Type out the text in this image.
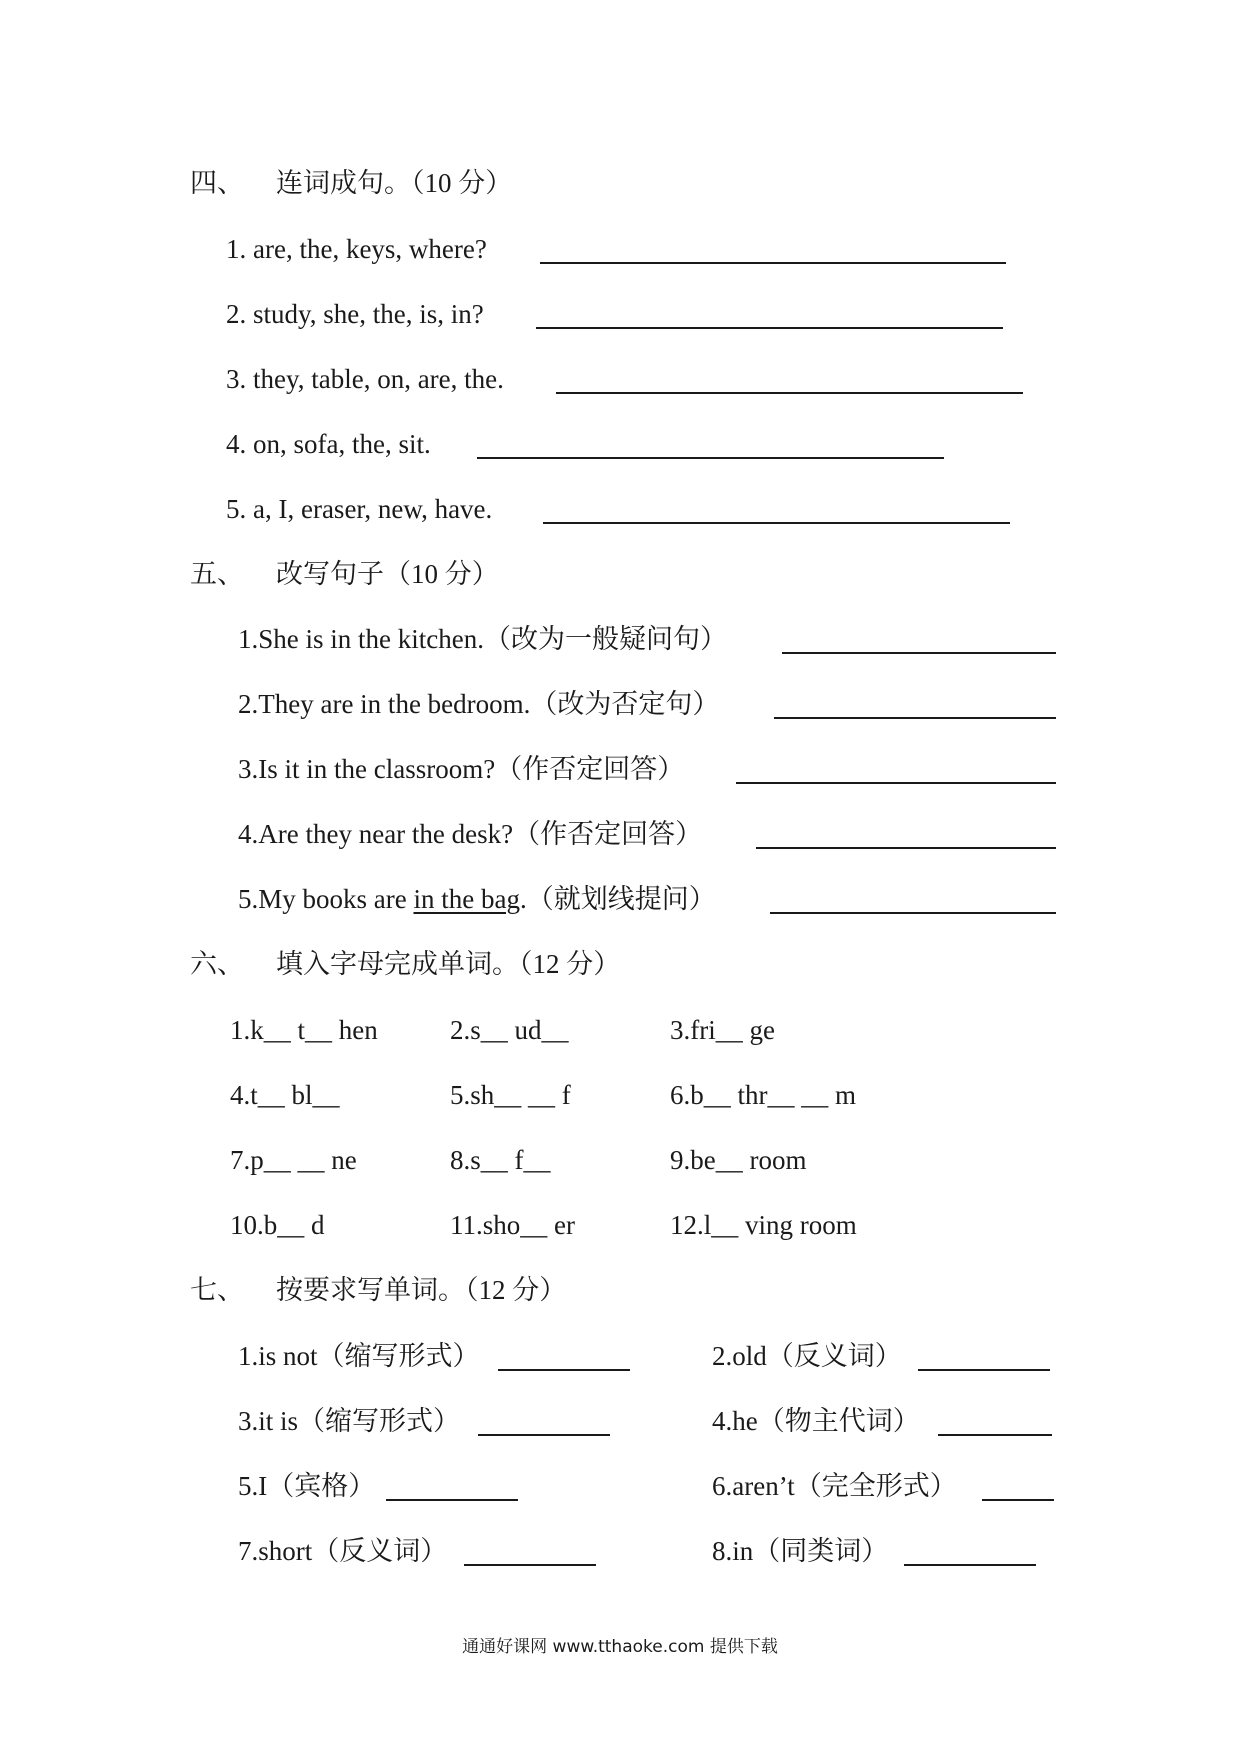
四、 连词成句。（10 分）
1. are, the, keys, where?
2. study, she, the, is, in?
3. they, table, on, are, the.
4. on, sofa, the, sit.
5. a, I, eraser, new, have.
五、 改写句子（10 分）
1.She is in the kitchen.（改为一般疑问句）
2.They are in the bedroom.（改为否定句）
3.Is it in the classroom?（作否定回答）
4.Are they near the desk?（作否定回答）
5.My books are in the bag.（就划线提问）
六、 填入字母完成单词。（12 分）
1.k__ t__ hen	2.s__ ud__	3.fri__ ge
4.t__ bl__	5.sh__ __ f	6.b__ thr__ __ m
7.p__ __ ne	8.s__ f__	9.be__ room
10.b__ d	11.sho__ er	12.l__ ving room
七、 按要求写单词。（12 分）
1.is not（缩写形式）	2.old（反义词）
3.it is（缩写形式）	4.he（物主代词）
5.I（宾格）	6.aren’t（完全形式）
7.short（反义词）	8.in（同类词）
通通好课网 www.tthaoke.com 提供下载
